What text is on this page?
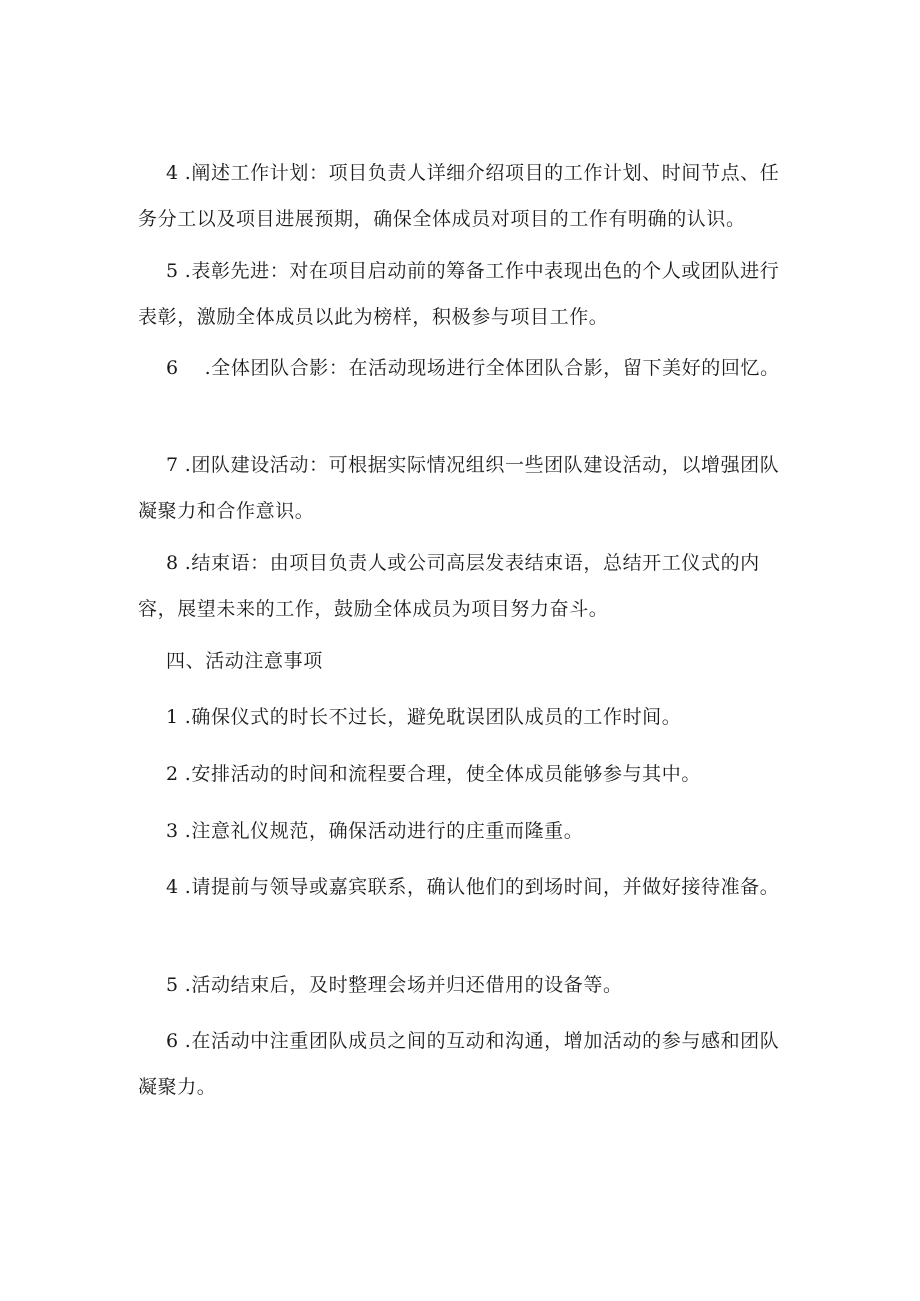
4 .阐述工作计划：项目负责人详细介绍项目的工作计划、时间节点、任务分工以及项目进展预期，确保全体成员对项目的工作有明确的认识。

5 .表彰先进：对在项目启动前的筹备工作中表现出色的个人或团队进行表彰，激励全体成员以此为榜样，积极参与项目工作。

6    .全体团队合影：在活动现场进行全体团队合影，留下美好的回忆。

7 .团队建设活动：可根据实际情况组织一些团队建设活动，以增强团队凝聚力和合作意识。

8 .结束语：由项目负责人或公司高层发表结束语，总结开工仪式的内容，展望未来的工作，鼓励全体成员为项目努力奋斗。

四、活动注意事项

1 .确保仪式的时长不过长，避免耽误团队成员的工作时间。

2 .安排活动的时间和流程要合理，使全体成员能够参与其中。

3 .注意礼仪规范，确保活动进行的庄重而隆重。

4 .请提前与领导或嘉宾联系，确认他们的到场时间，并做好接待准备。

5 .活动结束后，及时整理会场并归还借用的设备等。

6 .在活动中注重团队成员之间的互动和沟通，增加活动的参与感和团队凝聚力。
